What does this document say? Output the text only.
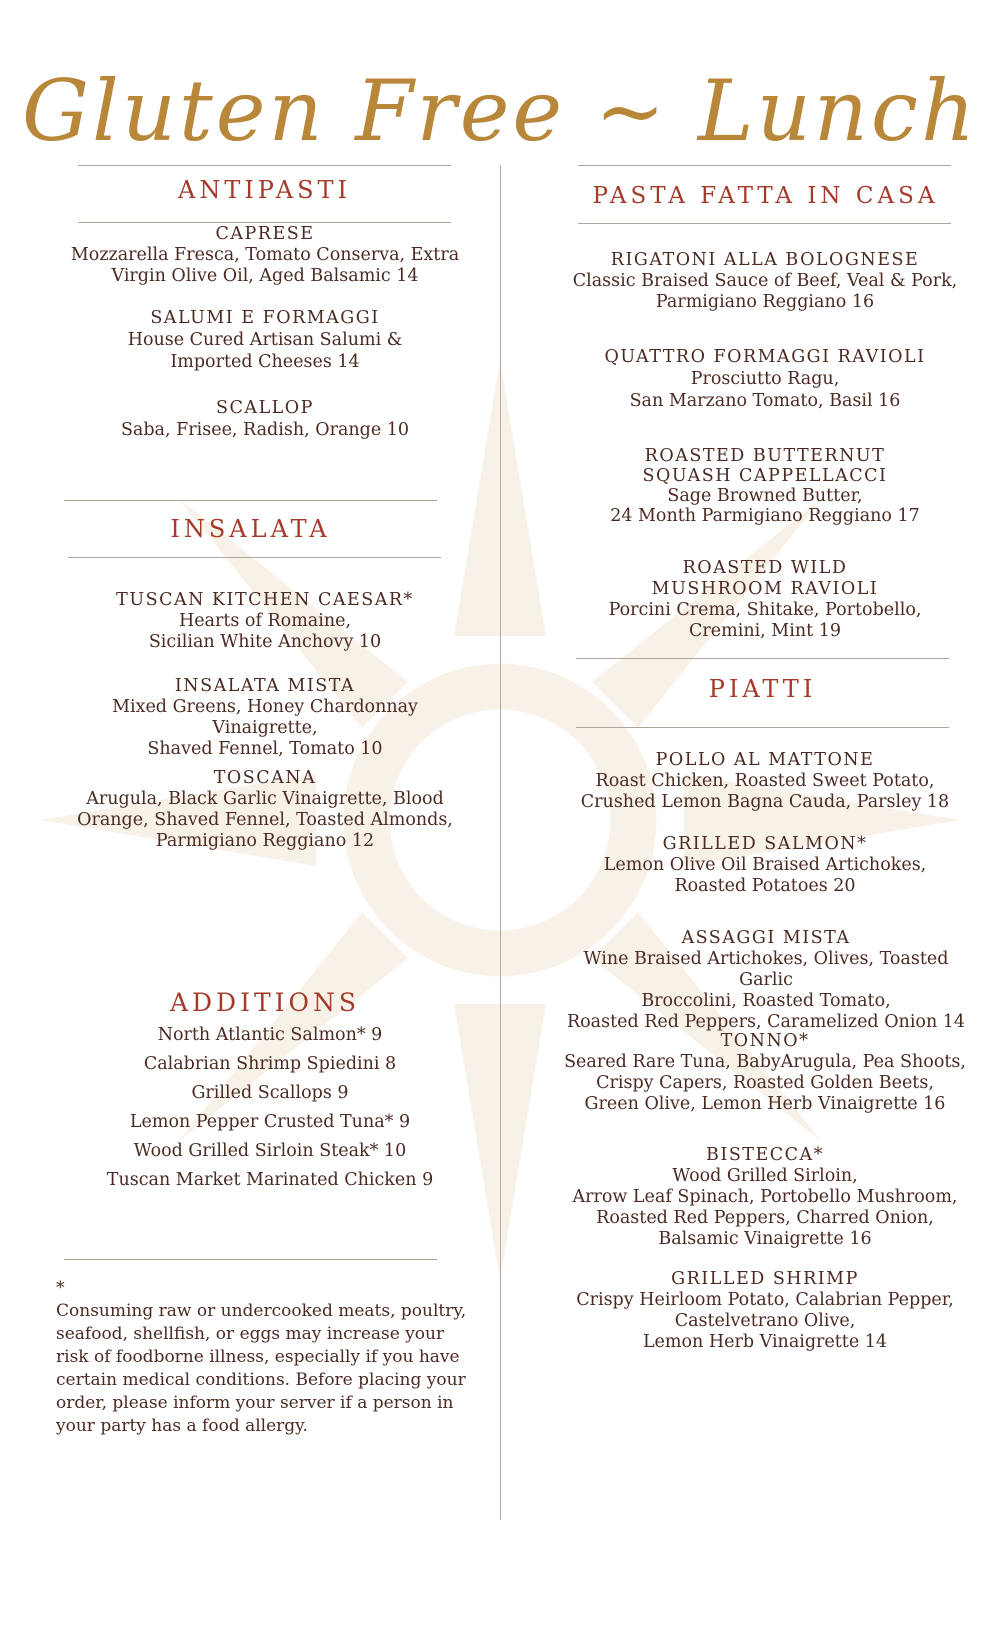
Gluten Free ~ Lunch
ANTIPASTI
CAPRESE
Mozzarella Fresca, Tomato Conserva, Extra
Virgin Olive Oil, Aged Balsamic 14
SALUMI E FORMAGGI
House Cured Artisan Salumi &
Imported Cheeses 14
SCALLOP
Saba, Frisee, Radish, Orange 10
INSALATA
TUSCAN KITCHEN CAESAR*
Hearts of Romaine,
Sicilian White Anchovy 10
INSALATA MISTA
Mixed Greens, Honey Chardonnay Vinaigrette,
Shaved Fennel, Tomato 10
TOSCANA
Arugula, Black Garlic Vinaigrette, Blood
Orange, Shaved Fennel, Toasted Almonds,
Parmigiano Reggiano 12
ADDITIONS
North Atlantic Salmon* 9
Calabrian Shrimp Spiedini 8
Grilled Scallops 9
Lemon Pepper Crusted Tuna* 9
Wood Grilled Sirloin Steak* 10
Tuscan Market Marinated Chicken 9
*
Consuming raw or undercooked meats, poultry, seafood, shellfish, or eggs may increase your risk of foodborne illness, especially if you have certain medical conditions. Before placing your order, please inform your server if a person in your party has a food allergy.
PASTA FATTA IN CASA
RIGATONI ALLA BOLOGNESE
Classic Braised Sauce of Beef, Veal & Pork,
Parmigiano Reggiano 16
QUATTRO FORMAGGI RAVIOLI
Prosciutto Ragu,
San Marzano Tomato, Basil 16
ROASTED BUTTERNUT
SQUASH CAPPELLACCI
Sage Browned Butter,
24 Month Parmigiano Reggiano 17
ROASTED WILD
MUSHROOM RAVIOLI
Porcini Crema, Shitake, Portobello,
Cremini, Mint 19
PIATTI
POLLO AL MATTONE
Roast Chicken, Roasted Sweet Potato,
Crushed Lemon Bagna Cauda, Parsley 18
GRILLED SALMON*
Lemon Olive Oil Braised Artichokes,
Roasted Potatoes 20
ASSAGGI MISTA
Wine Braised Artichokes, Olives, Toasted Garlic
Broccolini, Roasted Tomato,
Roasted Red Peppers, Caramelized Onion 14
TONNO*
Seared Rare Tuna, BabyArugula, Pea Shoots,
Crispy Capers, Roasted Golden Beets,
Green Olive, Lemon Herb Vinaigrette 16
BISTECCA*
Wood Grilled Sirloin,
Arrow Leaf Spinach, Portobello Mushroom,
Roasted Red Peppers, Charred Onion,
Balsamic Vinaigrette 16
GRILLED SHRIMP
Crispy Heirloom Potato, Calabrian Pepper,
Castelvetrano Olive,
Lemon Herb Vinaigrette 14
